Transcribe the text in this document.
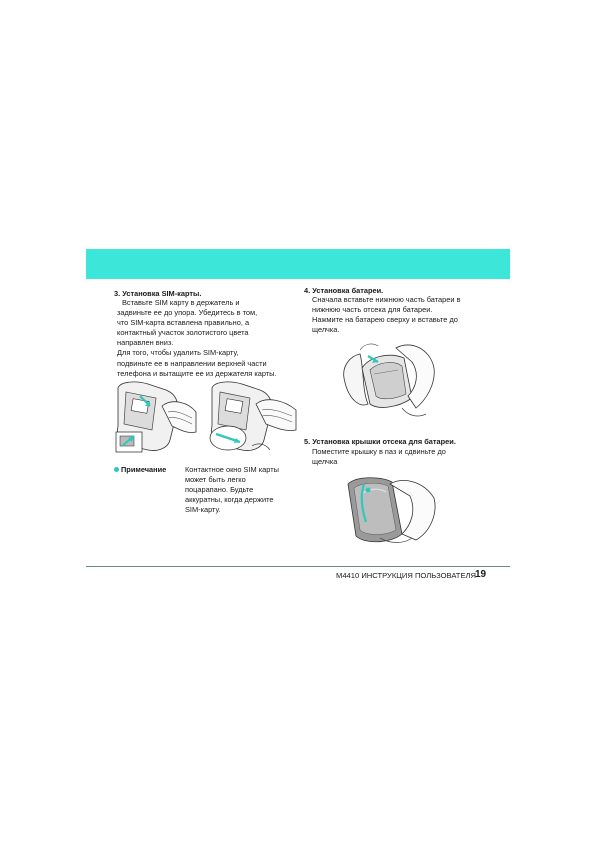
3. Установка SIM-карты.
Вставьте SIM карту в держатель и
задвиньте ее до упора. Убедитесь в том,
что SIM-карта вставлена правильно, а
контактный участок золотистого цвета
направлен вниз.
Для того, чтобы удалить SIM-карту,
подвиньте ее в направлении верхней части
телефона и вытащите ее из держателя карты.
Примечание	Контактное окно SIM карты
может быть легко
поцарапано. Будьте
аккуратны, когда держите
SIM-карту.
4. Установка батареи.
Сначала вставьте нижнюю часть батареи в
нижнюю часть отсека для батареи.
Нажмите на батарею сверху и вставьте до
щелчка.
5. Установка крышки отсека для батареи.
Поместите крышку в паз и сдвиньте до
щелчка
M4410 ИНСТРУКЦИЯ ПОЛЬЗОВАТЕЛЯ 19
